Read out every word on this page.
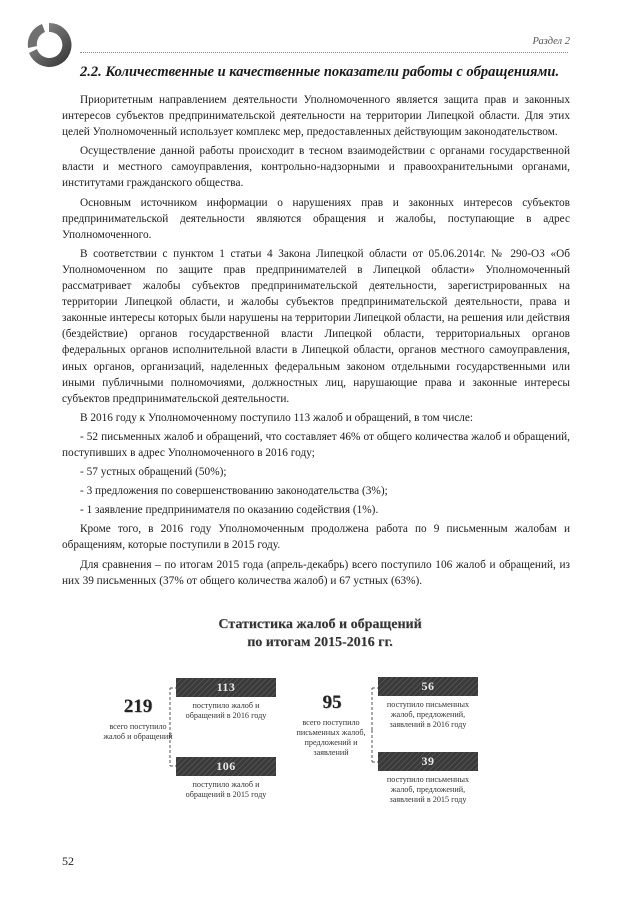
Раздел 2
2.2. Количественные и качественные показатели работы с обращениями.

Приоритетным направлением деятельности Уполномоченного является защита прав и законных интересов субъектов предпринимательской деятельности на территории Липецкой области. Для этих целей Уполномоченный использует комплекс мер, предоставленных действующим законодательством.

Осуществление данной работы происходит в тесном взаимодействии с органами государственной власти и местного самоуправления, контрольно-надзорными и правоохранительными органами, институтами гражданского общества.

Основным источником информации о нарушениях прав и законных интересов субъектов предпринимательской деятельности являются обращения и жалобы, поступающие в адрес Уполномоченного.

В соответствии с пунктом 1 статьи 4 Закона Липецкой области от 05.06.2014г. № 290-ОЗ «Об Уполномоченном по защите прав предпринимателей в Липецкой области» Уполномоченный рассматривает жалобы субъектов предпринимательской деятельности, зарегистрированных на территории Липецкой области, и жалобы субъектов предпринимательской деятельности, права и законные интересы которых были нарушены на территории Липецкой области, на решения или действия (бездействие) органов государственной власти Липецкой области, территориальных органов федеральных органов исполнительной власти в Липецкой области, органов местного самоуправления, иных органов, организаций, наделенных федеральным законом отдельными государственными или иными публичными полномочиями, должностных лиц, нарушающие права и законные интересы субъектов предпринимательской деятельности.

В 2016 году к Уполномоченному поступило 113 жалоб и обращений, в том числе:

- 52 письменных жалоб и обращений, что составляет 46% от общего количества жалоб и обращений, поступивших в адрес Уполномоченного в 2016 году;

- 57 устных обращений (50%);

- 3 предложения по совершенствованию законодательства (3%);

- 1 заявление предпринимателя по оказанию содействия (1%).

Кроме того, в 2016 году Уполномоченным продолжена работа по 9 письменным жалобам и обращениям, которые поступили в 2015 году.

Для сравнения – по итогам 2015 года (апрель-декабрь) всего поступило 106 жалоб и обращений, из них 39 письменных (37% от общего количества жалоб) и 67 устных (63%).

Статистика жалоб и обращений
по итогам 2015-2016 гг.
113
106
56
39
поступило жалоб и обращений в 2016 году
поступило жалоб и обращений в 2015 году
поступило письменных жалоб, предложений, заявлений в 2016 году
поступило письменных жалоб, предложений, заявлений в 2015 году
219
всего поступило жалоб и обращений
95
всего поступило письменных жалоб, предложений и заявлений
52
